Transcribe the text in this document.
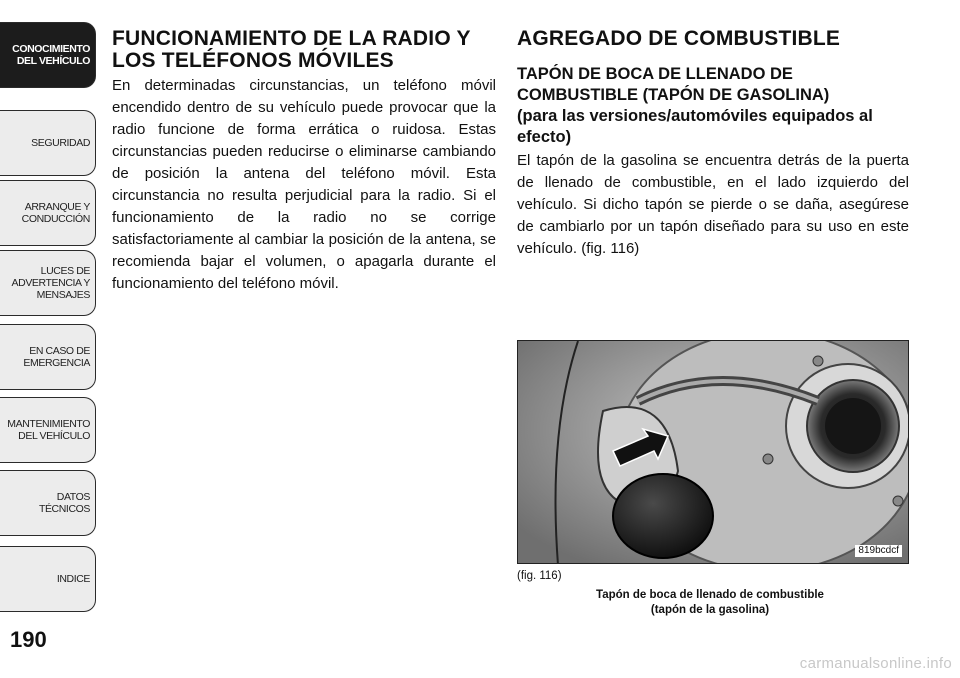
CONOCIMIENTO
DEL VEHÍCULO
SEGURIDAD
ARRANQUE Y
CONDUCCIÓN
LUCES DE
ADVERTENCIA Y
MENSAJES
EN CASO DE
EMERGENCIA
MANTENIMIENTO
DEL VEHÍCULO
DATOS
TÉCNICOS
INDICE
190
FUNCIONAMIENTO DE LA RADIO Y
LOS TELÉFONOS MÓVILES

En determinadas circunstancias, un teléfono móvil encendido dentro de su vehículo puede provocar que la radio funcione de forma errática o ruidosa. Estas circunstancias pueden reducirse o eliminarse cambiando de posición la antena del teléfono móvil. Esta circunstancia no resulta perjudicial para la radio. Si el funcionamiento de la radio no se corrige satisfactoriamente al cambiar la posición de la antena, se recomienda bajar el volumen, o apagarla durante el funcionamiento del teléfono móvil.

AGREGADO DE COMBUSTIBLE
TAPÓN DE BOCA DE LLENADO DE
COMBUSTIBLE (TAPÓN DE GASOLINA)
(para las versiones/automóviles equipados al
efecto)

El tapón de la gasolina se encuentra detrás de la puerta de llenado de combustible, en el lado izquierdo del vehículo. Si dicho tapón se pierde o se daña, asegúrese de cambiarlo por un tapón diseñado para su uso en este vehículo. (fig. 116)

819bcdcf
(fig. 116)
Tapón de boca de llenado de combustible
(tapón de la gasolina)
carmanualsonline.info
